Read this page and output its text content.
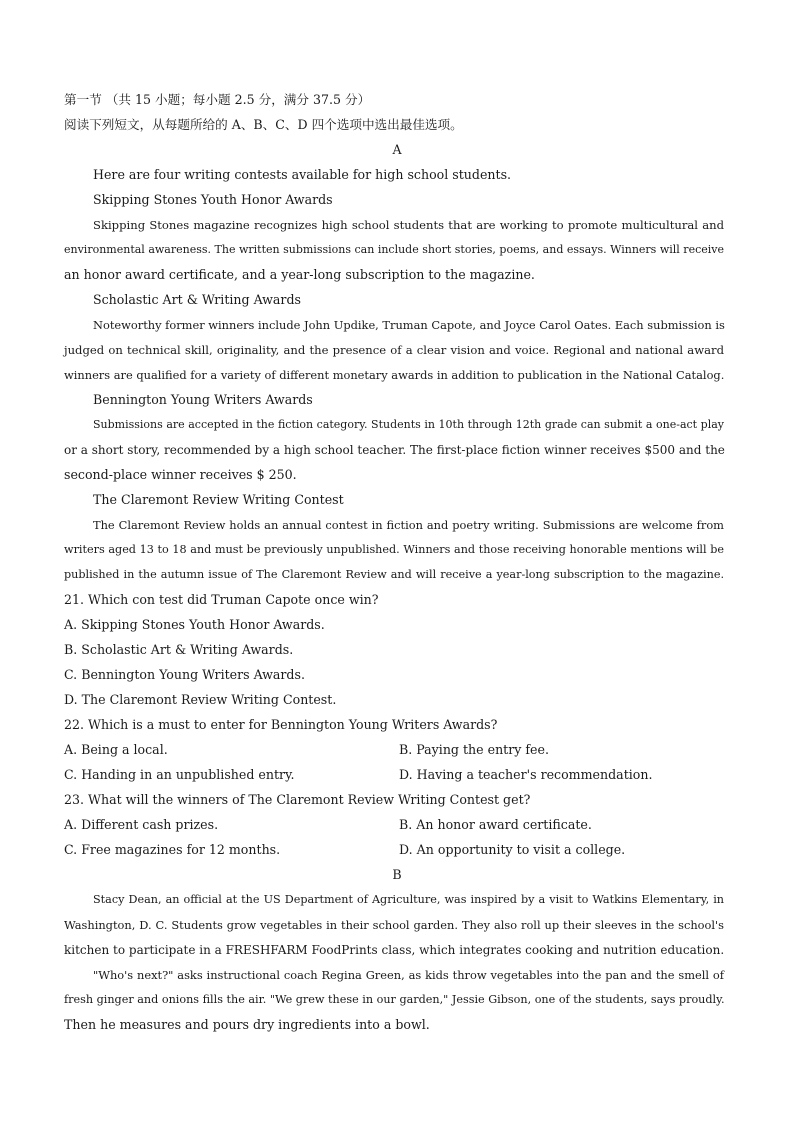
第一节 （共 15 小题；每小题 2.5 分，满分 37.5 分）
阅读下列短文，从每题所给的 A、B、C、D 四个选项中选出最佳选项。
A
Here are four writing contests available for high school students.
Skipping Stones Youth Honor Awards
Skipping Stones magazine recognizes high school students that are working to promote multicultural and
environmental awareness. The written submissions can include short stories, poems, and essays. Winners will receive
an honor award certificate, and a year-long subscription to the magazine.
Scholastic Art & Writing Awards
Noteworthy former winners include John Updike, Truman Capote, and Joyce Carol Oates. Each submission is
judged on technical skill, originality, and the presence of a clear vision and voice. Regional and national award
winners are qualified for a variety of different monetary awards in addition to publication in the National Catalog.
Bennington Young Writers Awards
Submissions are accepted in the fiction category. Students in 10th through 12th grade can submit a one-act play
or a short story, recommended by a high school teacher. The first-place fiction winner receives $500 and the
second-place winner receives $ 250.
The Claremont Review Writing Contest
The Claremont Review holds an annual contest in fiction and poetry writing. Submissions are welcome from
writers aged 13 to 18 and must be previously unpublished. Winners and those receiving honorable mentions will be
published in the autumn issue of The Claremont Review and will receive a year-long subscription to the magazine.
21. Which con test did Truman Capote once win?
A. Skipping Stones Youth Honor Awards.
B. Scholastic Art & Writing Awards.
C. Bennington Young Writers Awards.
D. The Claremont Review Writing Contest.
22. Which is a must to enter for Bennington Young Writers Awards?
A. Being a local.	B. Paying the entry fee.
C. Handing in an unpublished entry.	D. Having a teacher's recommendation.
23. What will the winners of The Claremont Review Writing Contest get?
A. Different cash prizes.	B. An honor award certificate.
C. Free magazines for 12 months.	D. An opportunity to visit a college.
B
Stacy Dean, an official at the US Department of Agriculture, was inspired by a visit to Watkins Elementary, in
Washington, D. C. Students grow vegetables in their school garden. They also roll up their sleeves in the school's
kitchen to participate in a FRESHFARM FoodPrints class, which integrates cooking and nutrition education.
"Who's next?" asks instructional coach Regina Green, as kids throw vegetables into the pan and the smell of
fresh ginger and onions fills the air. "We grew these in our garden," Jessie Gibson, one of the students, says proudly.
Then he measures and pours dry ingredients into a bowl.
